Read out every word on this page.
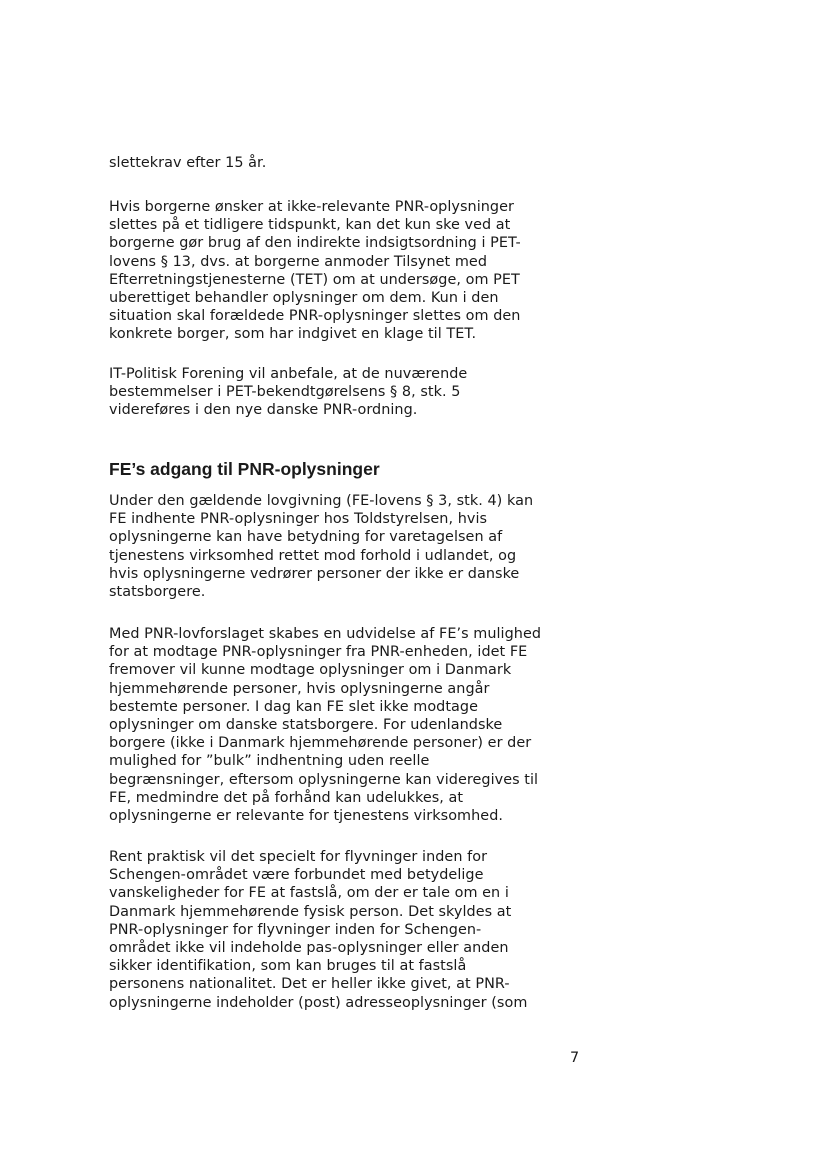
slettekrav efter 15 år.

Hvis borgerne ønsker at ikke-relevante PNR-oplysninger
slettes på et tidligere tidspunkt, kan det kun ske ved at
borgerne gør brug af den indirekte indsigtsordning i PET-
lovens § 13, dvs. at borgerne anmoder Tilsynet med
Efterretningstjenesterne (TET) om at undersøge, om PET
uberettiget behandler oplysninger om dem. Kun i den
situation skal forældede PNR-oplysninger slettes om den
konkrete borger, som har indgivet en klage til TET.

IT-Politisk Forening vil anbefale, at de nuværende
bestemmelser i PET-bekendtgørelsens § 8, stk. 5
videreføres i den nye danske PNR-ordning.

FE’s adgang til PNR-oplysninger

Under den gældende lovgivning (FE-lovens § 3, stk. 4) kan
FE indhente PNR-oplysninger hos Toldstyrelsen, hvis
oplysningerne kan have betydning for varetagelsen af
tjenestens virksomhed rettet mod forhold i udlandet, og
hvis oplysningerne vedrører personer der ikke er danske
statsborgere.

Med PNR-lovforslaget skabes en udvidelse af FE’s mulighed
for at modtage PNR-oplysninger fra PNR-enheden, idet FE
fremover vil kunne modtage oplysninger om i Danmark
hjemmehørende personer, hvis oplysningerne angår
bestemte personer. I dag kan FE slet ikke modtage
oplysninger om danske statsborgere. For udenlandske
borgere (ikke i Danmark hjemmehørende personer) er der
mulighed for ”bulk” indhentning uden reelle
begrænsninger, eftersom oplysningerne kan videregives til
FE, medmindre det på forhånd kan udelukkes, at
oplysningerne er relevante for tjenestens virksomhed.

Rent praktisk vil det specielt for flyvninger inden for
Schengen-området være forbundet med betydelige
vanskeligheder for FE at fastslå, om der er tale om en i
Danmark hjemmehørende fysisk person. Det skyldes at
PNR-oplysninger for flyvninger inden for Schengen-
området ikke vil indeholde pas-oplysninger eller anden
sikker identifikation, som kan bruges til at fastslå
personens nationalitet. Det er heller ikke givet, at PNR-
oplysningerne indeholder (post) adresseoplysninger (som

7
